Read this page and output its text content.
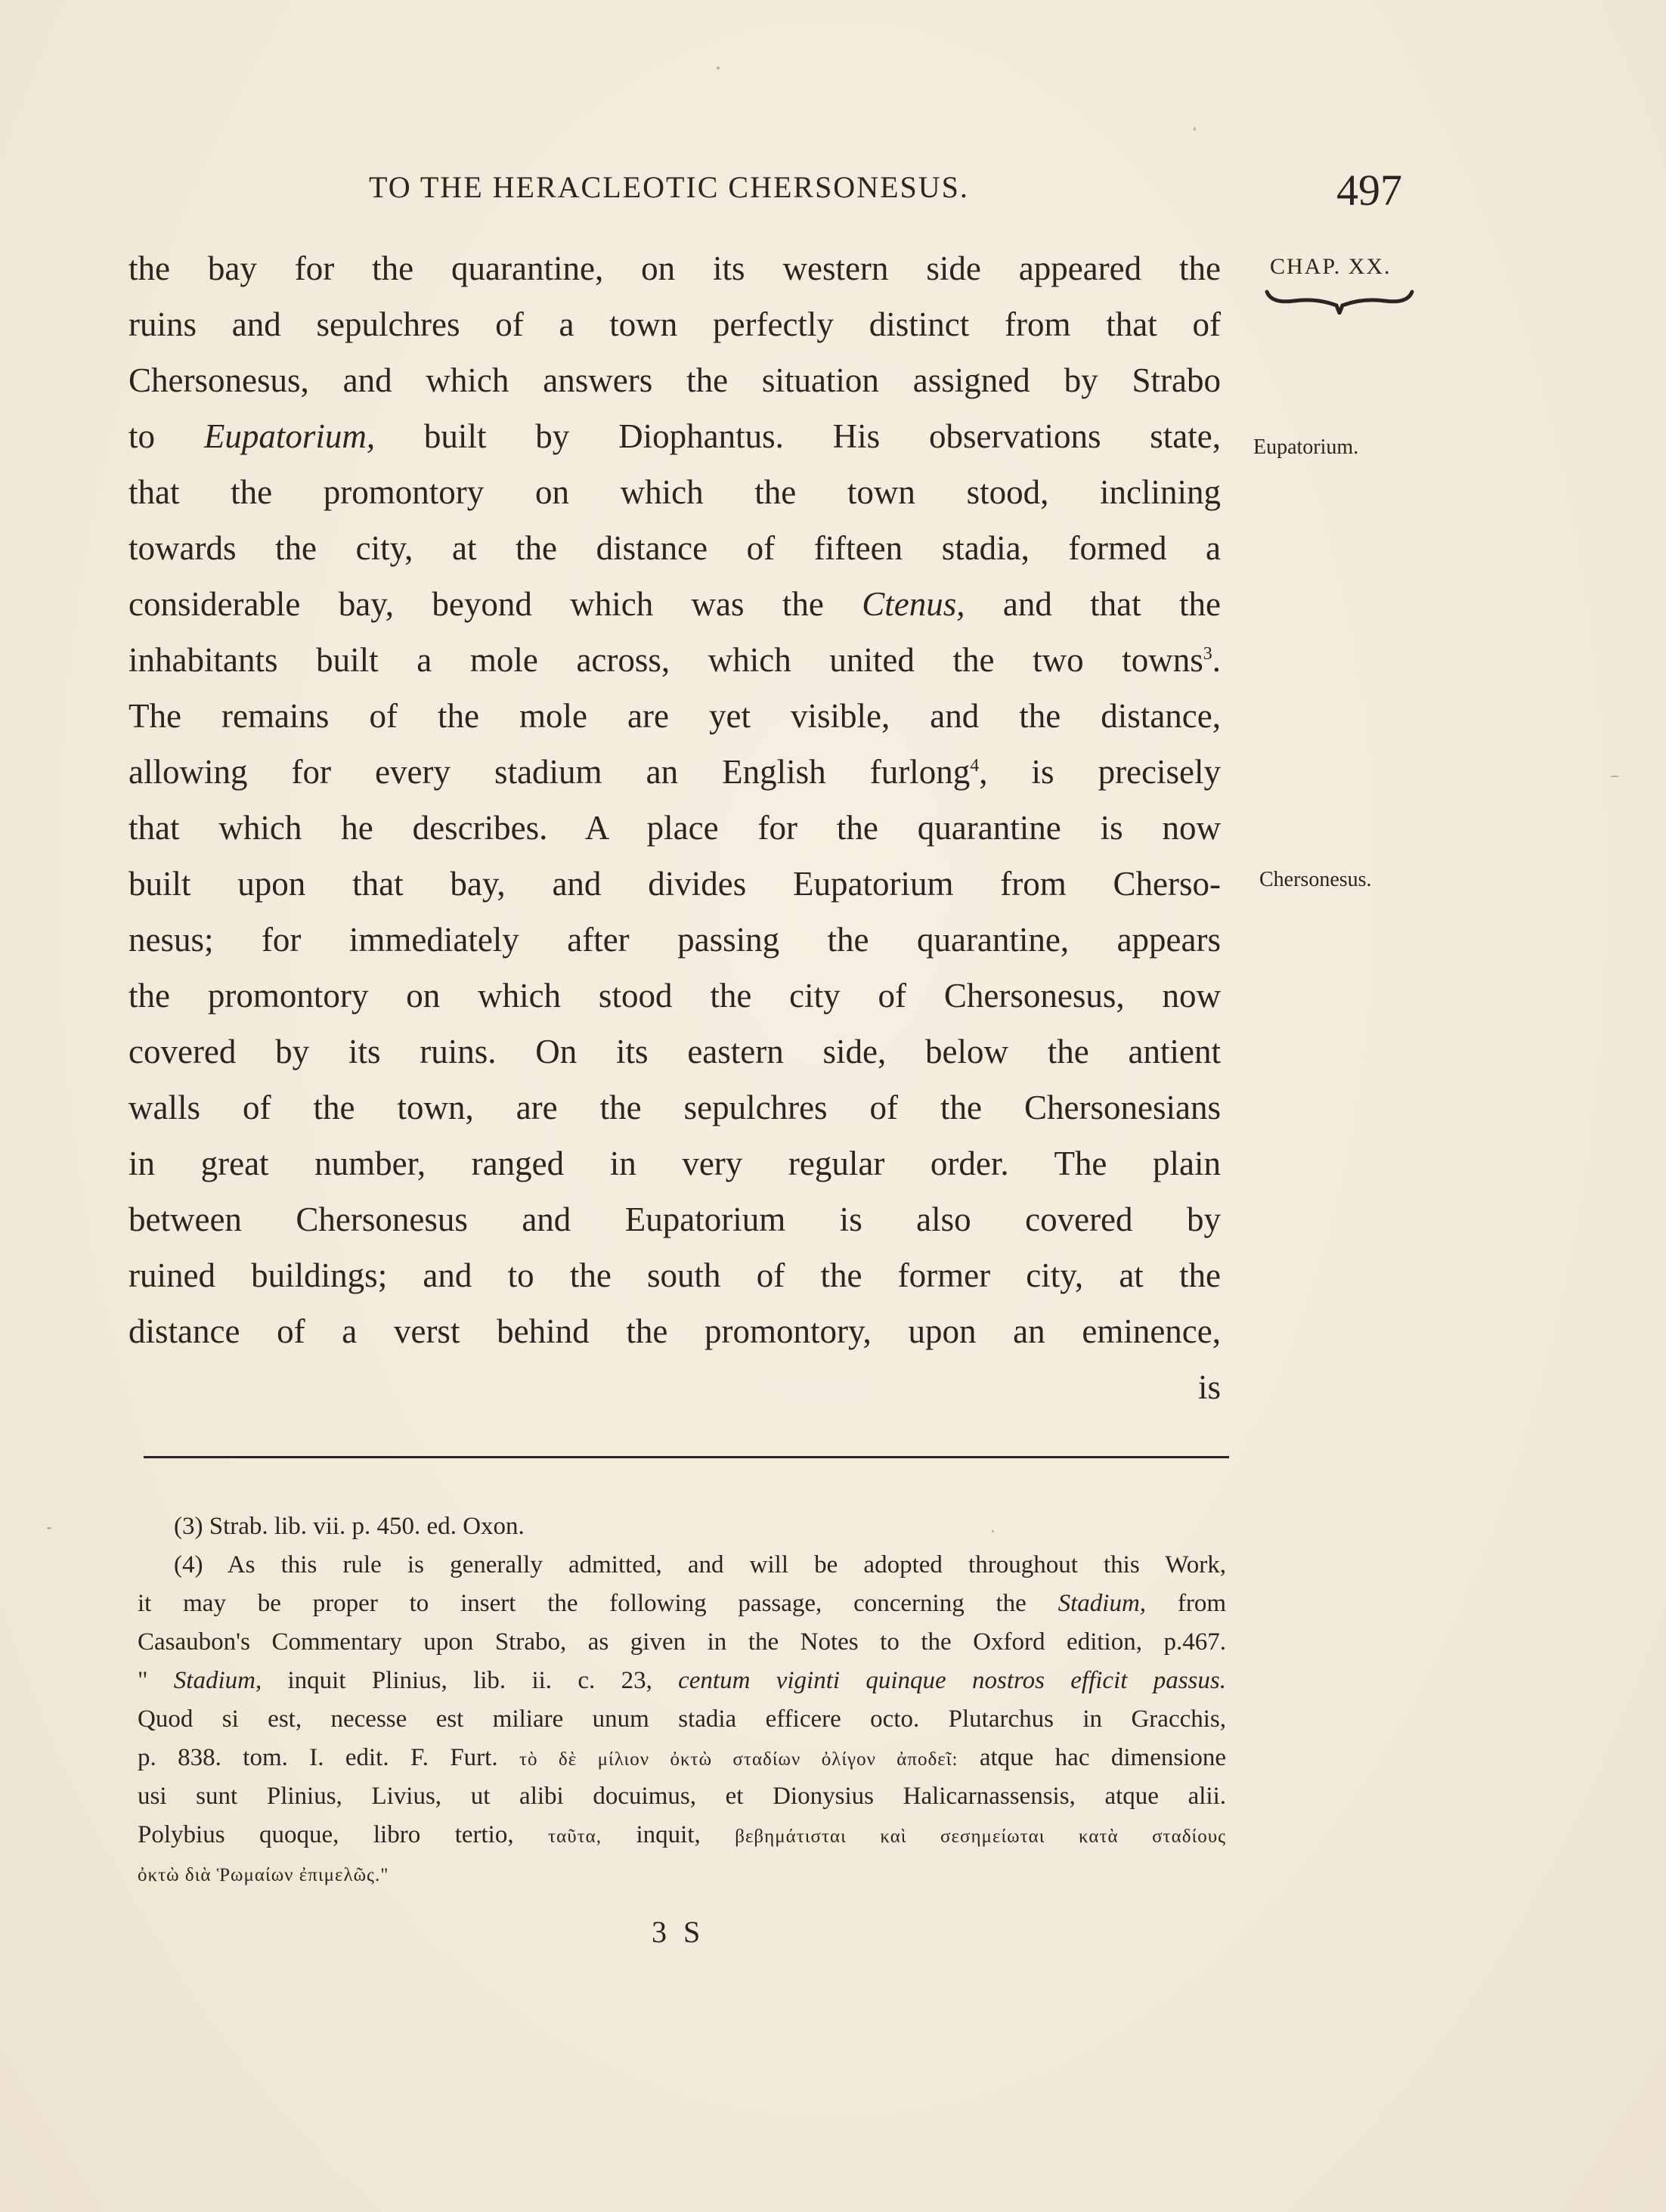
TO THE HERACLEOTIC CHERSONESUS.	497
CHAP. XX.
Eupatorium.
Chersonesus.
the bay for the quarantine, on its western side appeared the
ruins and sepulchres of a town perfectly distinct from that of
Chersonesus, and which answers the situation assigned by Strabo
to Eupatorium, built by Diophantus. His observations state,
that the promontory on which the town stood, inclining
towards the city, at the distance of fifteen stadia, formed a
considerable bay, beyond which was the Ctenus, and that the
inhabitants built a mole across, which united the two towns$^3$.
The remains of the mole are yet visible, and the distance,
allowing for every stadium an English furlong$^4$, is precisely
that which he describes. A place for the quarantine is now
built upon that bay, and divides Eupatorium from Cherso-
nesus; for immediately after passing the quarantine, appears
the promontory on which stood the city of Chersonesus, now
covered by its ruins. On its eastern side, below the antient
walls of the town, are the sepulchres of the Chersonesians
in great number, ranged in very regular order. The plain
between Chersonesus and Eupatorium is also covered by
ruined buildings; and to the south of the former city, at the
distance of a verst behind the promontory, upon an eminence,
is
(3) Strab. lib. vii. p. 450. ed. Oxon.
(4) As this rule is generally admitted, and will be adopted throughout this Work,
it may be proper to insert the following passage, concerning the Stadium, from
Casaubon's Commentary upon Strabo, as given in the Notes to the Oxford edition, p.467.
" Stadium, inquit Plinius, lib. ii. c. 23, centum viginti quinque nostros efficit passus.
Quod si est, necesse est miliare unum stadia efficere octo. Plutarchus in Gracchis,
p. 838. tom. I. edit. F. Furt. τὸ δὲ μίλιον ὀκτὼ σταδίων ὀλίγον ἀποδεῖ: atque hac dimensione
usi sunt Plinius, Livius, ut alibi docuimus, et Dionysius Halicarnassensis, atque alii.
Polybius quoque, libro tertio, ταῦτα, inquit, βεβημάτισται καὶ σεσημείωται κατὰ σταδίους
ὀκτὼ διὰ Ῥωμαίων ἐπιμελῶς."
3 S
